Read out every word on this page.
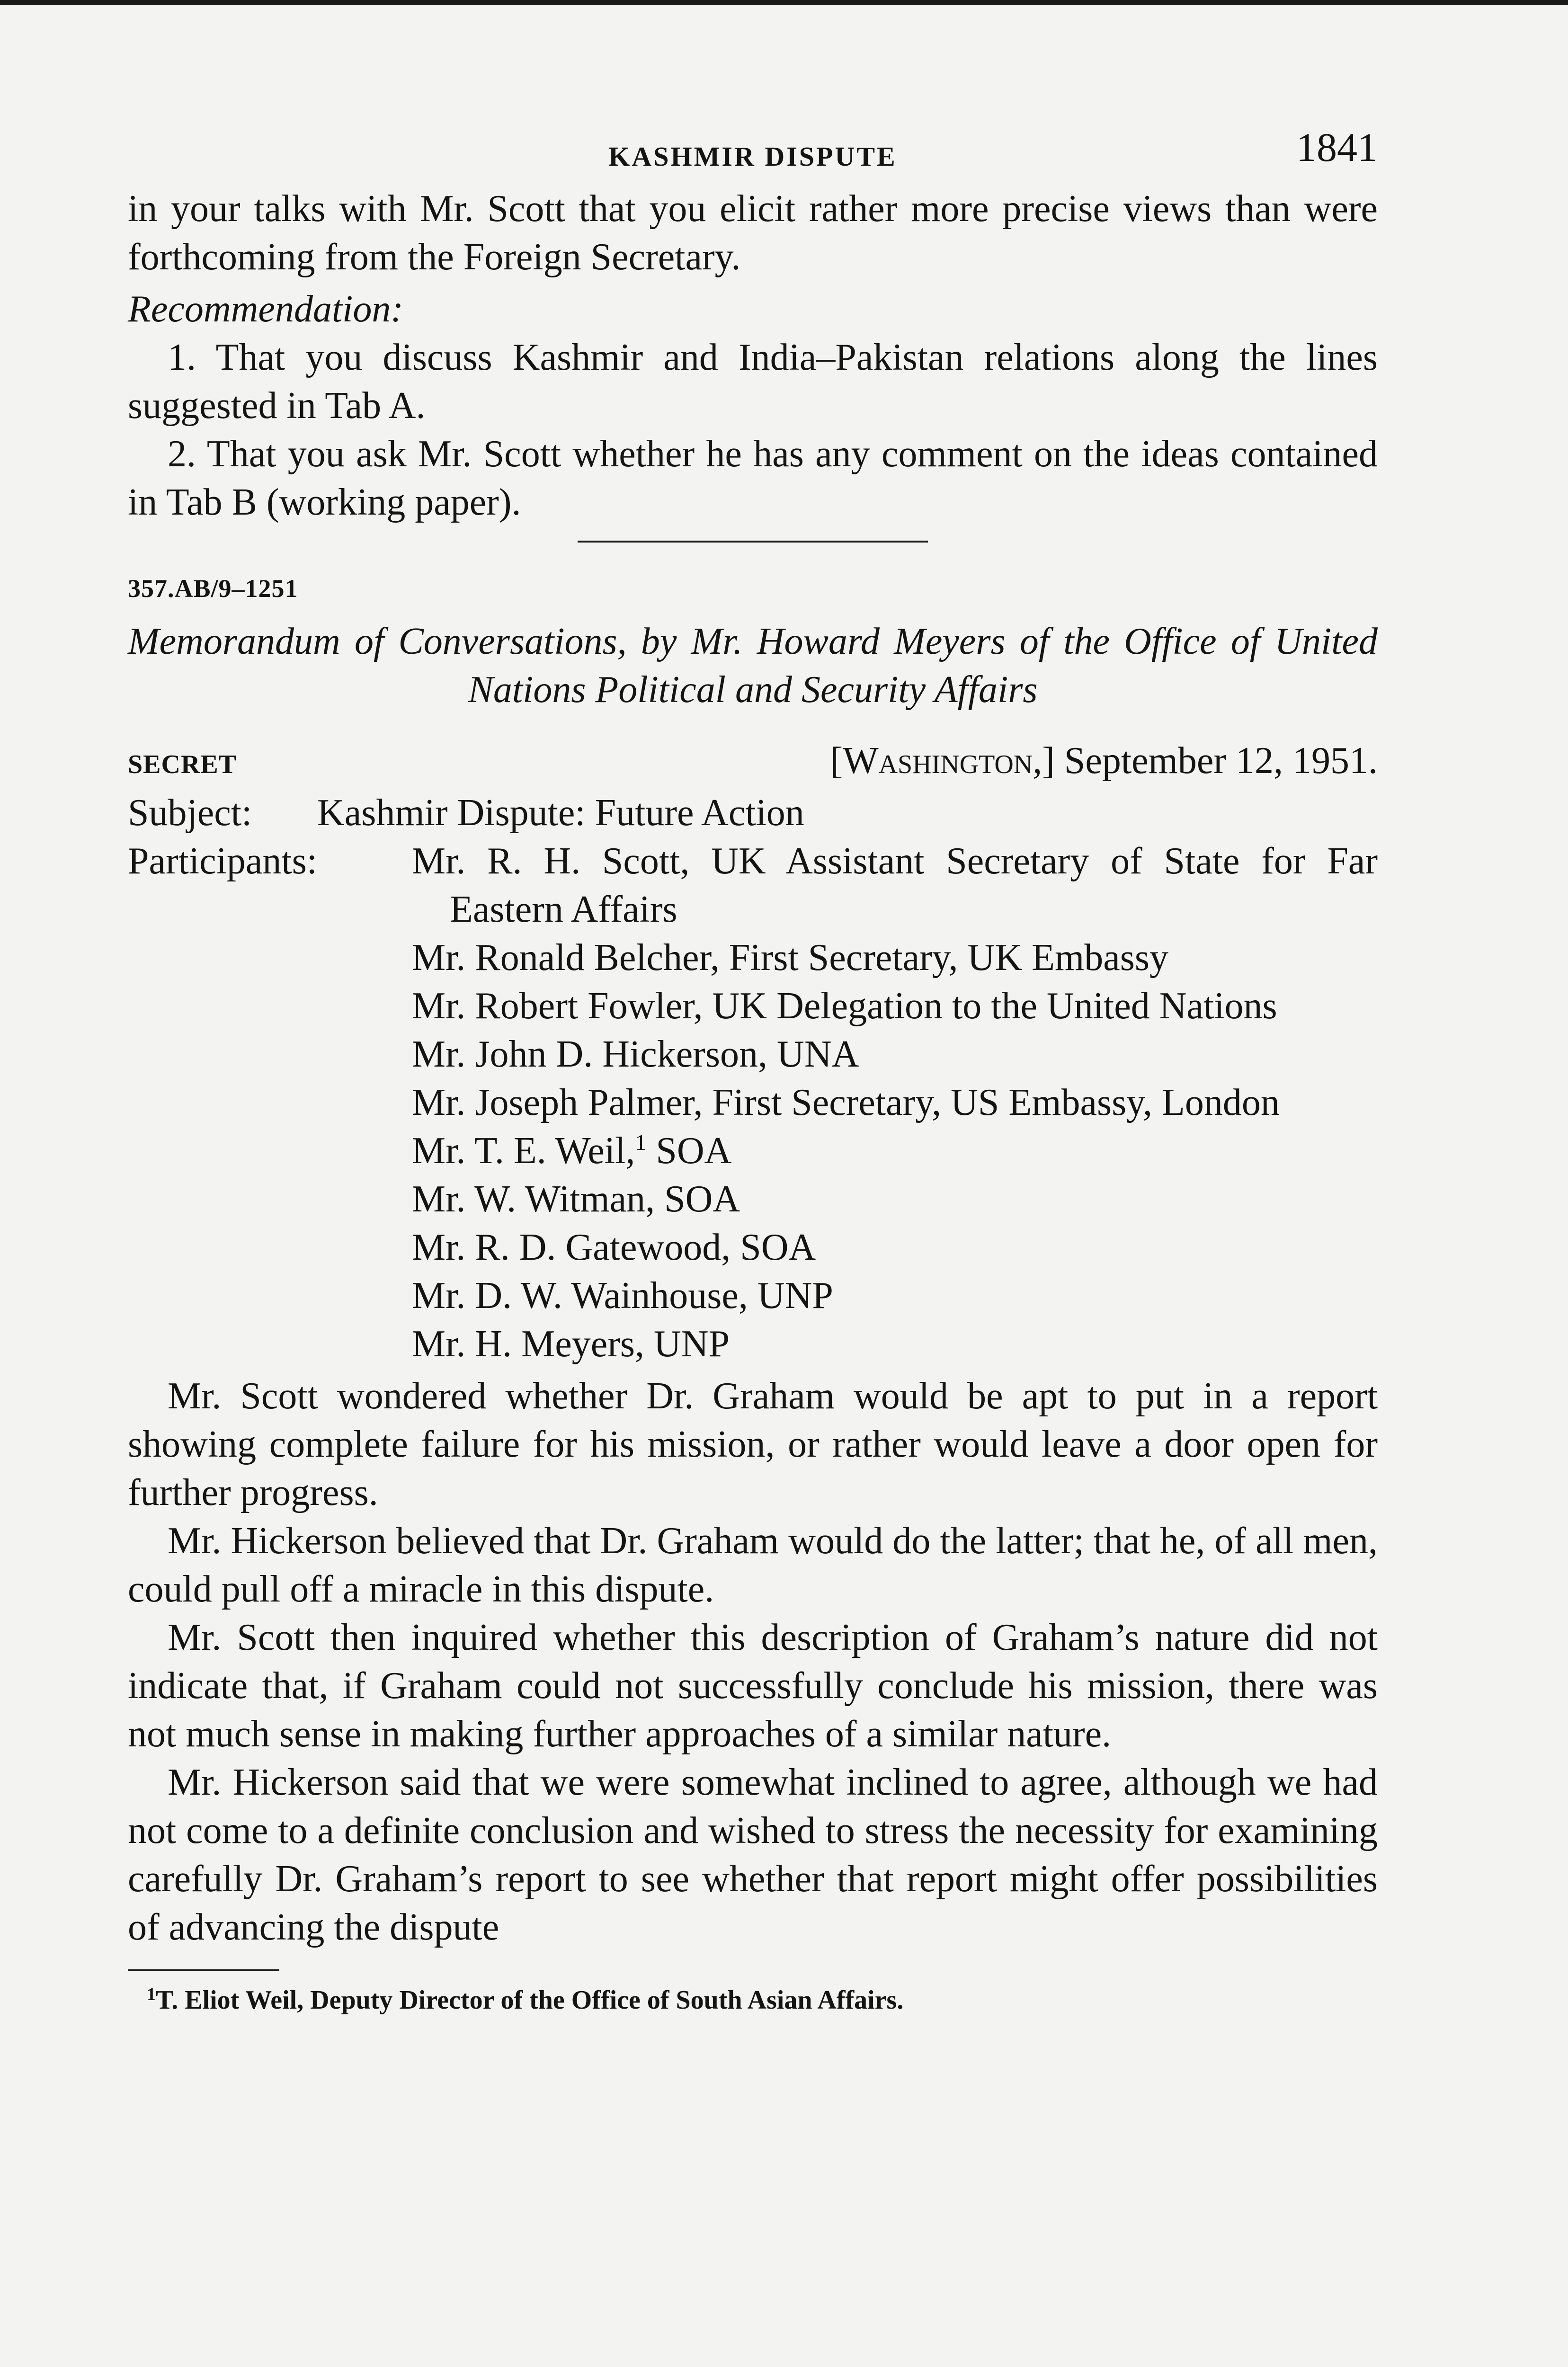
KASHMIR DISPUTE	1841

in your talks with Mr. Scott that you elicit rather more precise views than were forthcoming from the Foreign Secretary.

Recommendation:
1. That you discuss Kashmir and India–Pakistan relations along the lines suggested in Tab A.
2. That you ask Mr. Scott whether he has any comment on the ideas contained in Tab B (working paper).
357.AB/9–1251
Memorandum of Conversations, by Mr. Howard Meyers of the Office of United Nations Political and Security Affairs
SECRET	[Washington,] September 12, 1951.
Subject:	Kashmir Dispute: Future Action
Participants:	Mr. R. H. Scott, UK Assistant Secretary of State for Far Eastern Affairs
Mr. Ronald Belcher, First Secretary, UK Embassy
Mr. Robert Fowler, UK Delegation to the United Nations
Mr. John D. Hickerson, UNA
Mr. Joseph Palmer, First Secretary, US Embassy, London
Mr. T. E. Weil,$^1$ SOA
Mr. W. Witman, SOA
Mr. R. D. Gatewood, SOA
Mr. D. W. Wainhouse, UNP
Mr. H. Meyers, UNP

Mr. Scott wondered whether Dr. Graham would be apt to put in a report showing complete failure for his mission, or rather would leave a door open for further progress.

Mr. Hickerson believed that Dr. Graham would do the latter; that he, of all men, could pull off a miracle in this dispute.

Mr. Scott then inquired whether this description of Graham’s nature did not indicate that, if Graham could not successfully conclude his mission, there was not much sense in making further approaches of a similar nature.

Mr. Hickerson said that we were somewhat inclined to agree, although we had not come to a definite conclusion and wished to stress the necessity for examining carefully Dr. Graham’s report to see whether that report might offer possibilities of advancing the dispute

$^1$T. Eliot Weil, Deputy Director of the Office of South Asian Affairs.
